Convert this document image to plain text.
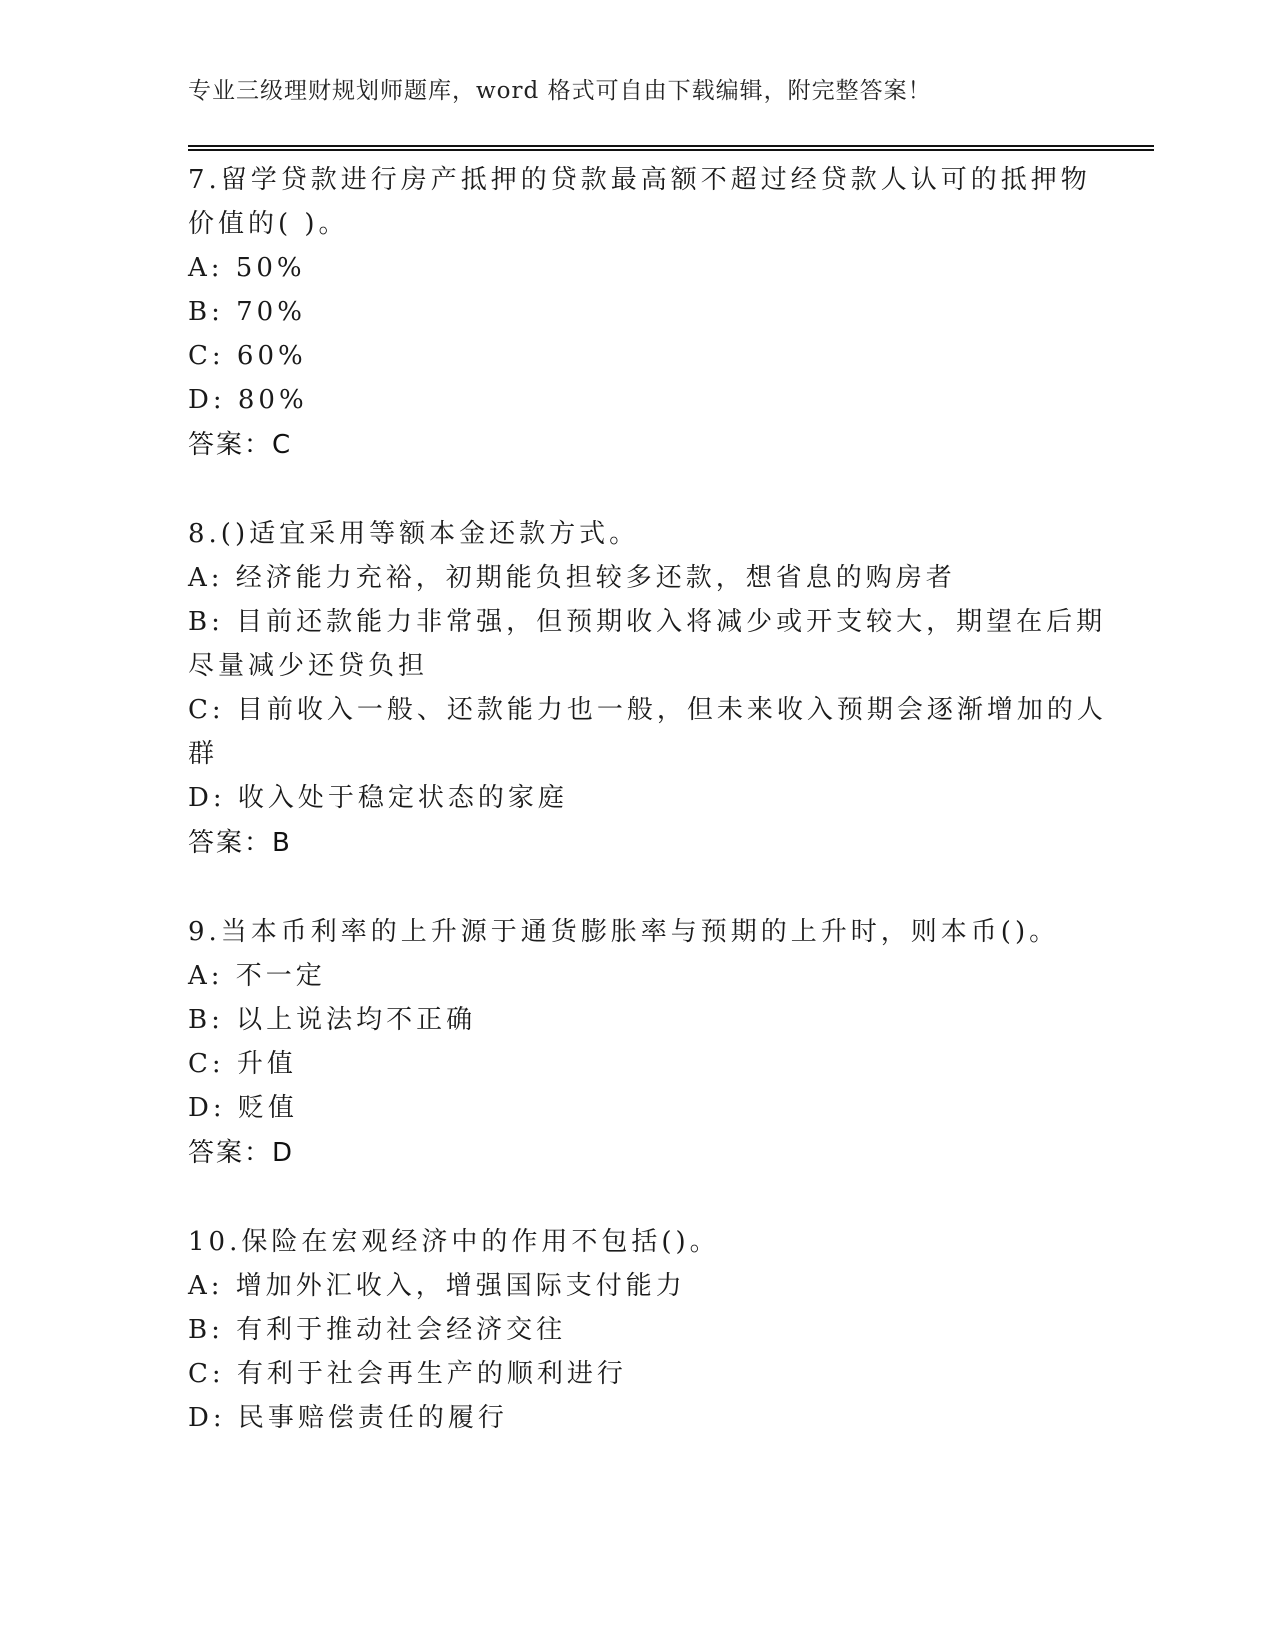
专业三级理财规划师题库，word 格式可自由下载编辑，附完整答案！
7.留学贷款进行房产抵押的贷款最高额不超过经贷款人认可的抵押物
价值的( )。
A: 50%
B: 70%
C: 60%
D: 80%
答案：C
8.()适宜采用等额本金还款方式。
A: 经济能力充裕，初期能负担较多还款，想省息的购房者
B: 目前还款能力非常强，但预期收入将减少或开支较大，期望在后期
尽量减少还贷负担
C: 目前收入一般、还款能力也一般，但未来收入预期会逐渐增加的人
群
D: 收入处于稳定状态的家庭
答案：B
9.当本币利率的上升源于通货膨胀率与预期的上升时，则本币()。
A: 不一定
B: 以上说法均不正确
C: 升值
D: 贬值
答案：D
10.保险在宏观经济中的作用不包括()。
A: 增加外汇收入，增强国际支付能力
B: 有利于推动社会经济交往
C: 有利于社会再生产的顺利进行
D: 民事赔偿责任的履行
